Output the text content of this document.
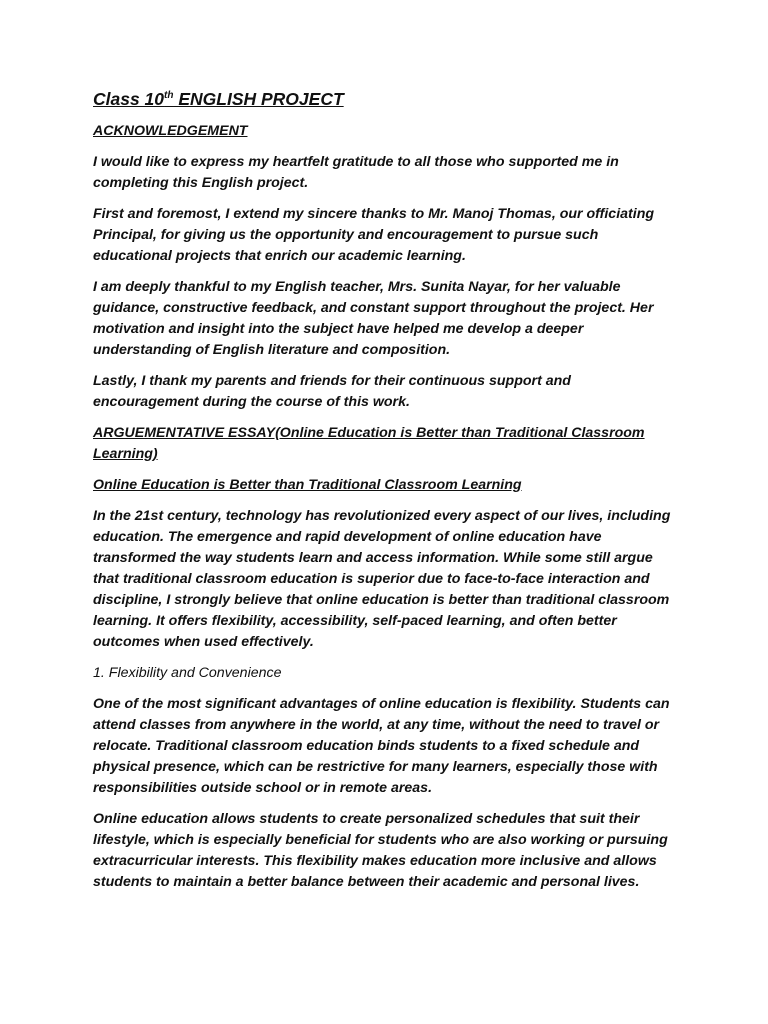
Class 10th ENGLISH PROJECT

ACKNOWLEDGEMENT

I would like to express my heartfelt gratitude to all those who supported me in completing this English project.

First and foremost, I extend my sincere thanks to Mr. Manoj Thomas, our officiating Principal, for giving us the opportunity and encouragement to pursue such educational projects that enrich our academic learning.

I am deeply thankful to my English teacher, Mrs. Sunita Nayar, for her valuable guidance, constructive feedback, and constant support throughout the project. Her motivation and insight into the subject have helped me develop a deeper understanding of English literature and composition.

Lastly, I thank my parents and friends for their continuous support and encouragement during the course of this work.

ARGUEMENTATIVE ESSAY(Online Education is Better than Traditional Classroom Learning)

Online Education is Better than Traditional Classroom Learning

In the 21st century, technology has revolutionized every aspect of our lives, including education. The emergence and rapid development of online education have transformed the way students learn and access information. While some still argue that traditional classroom education is superior due to face-to-face interaction and discipline, I strongly believe that online education is better than traditional classroom learning. It offers flexibility, accessibility, self-paced learning, and often better outcomes when used effectively.

1. Flexibility and Convenience

One of the most significant advantages of online education is flexibility. Students can attend classes from anywhere in the world, at any time, without the need to travel or relocate. Traditional classroom education binds students to a fixed schedule and physical presence, which can be restrictive for many learners, especially those with responsibilities outside school or in remote areas.

Online education allows students to create personalized schedules that suit their lifestyle, which is especially beneficial for students who are also working or pursuing extracurricular interests. This flexibility makes education more inclusive and allows students to maintain a better balance between their academic and personal lives.
